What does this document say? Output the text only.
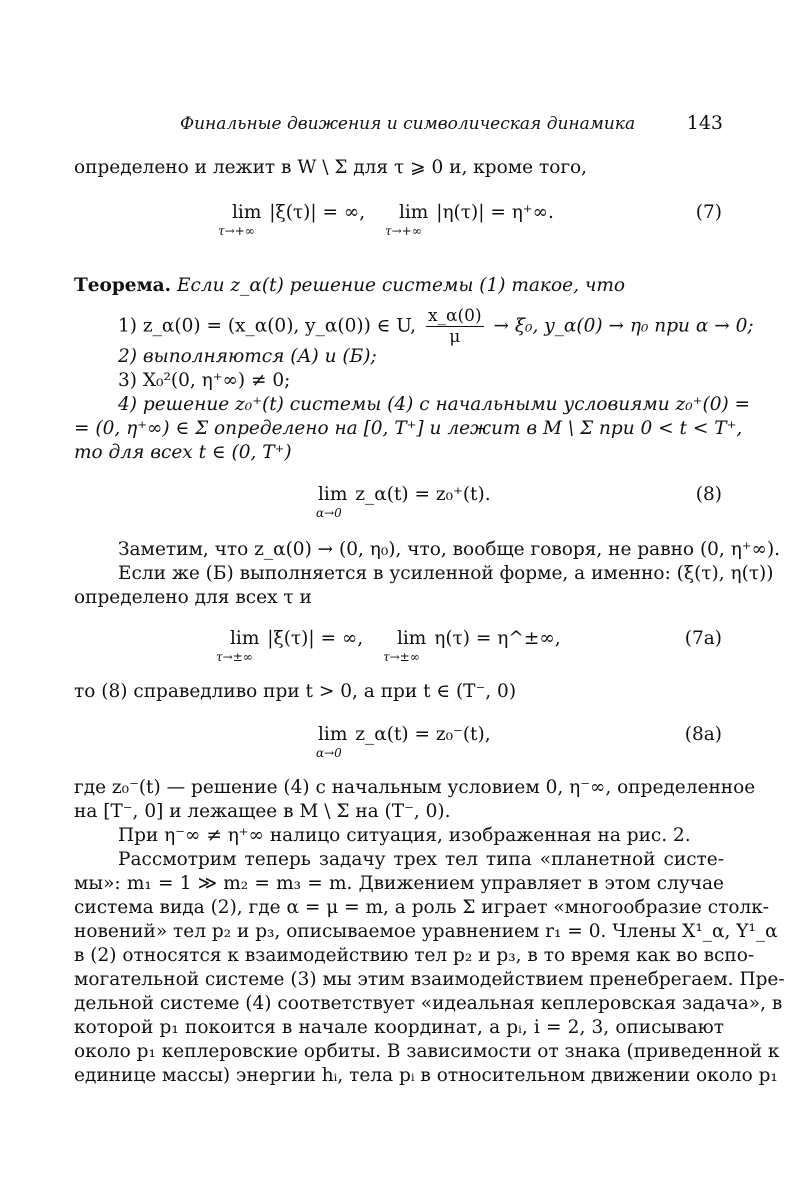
Финальные движения и символическая динамика	143
определено и лежит в W \ Σ для τ ⩾ 0 и, кроме того,
lim
τ→+∞
|ξ(τ)| = ∞, lim
τ→+∞
|η(τ)| = η⁺∞.	(7)
Теорема. Если z_α(t) решение системы (1) такое, что
1) z_α(0) = (x_α(0), y_α(0)) ∈ U, $\frac{x\_\alpha(0)}{\mu} \to \xi_0$, y_α(0) → η₀ при α → 0;
2) выполняются (А) и (Б);
3) X₀²(0, η⁺∞) ≠ 0;
4) решение z₀⁺(t) системы (4) с начальными условиями z₀⁺(0) =
= (0, η⁺∞) ∈ Σ определено на [0, T⁺] и лежит в M \ Σ при 0 < t < T⁺,
то для всех t ∈ (0, T⁺)
lim
α→0
z_α(t) = z₀⁺(t).	(8)
Заметим, что z_α(0) → (0, η₀), что, вообще говоря, не равно (0, η⁺∞).
Если же (Б) выполняется в усиленной форме, а именно: (ξ(τ), η(τ))
определено для всех τ и
lim
τ→±∞
|ξ(τ)| = ∞, lim
τ→±∞
η(τ) = η^±∞,	(7a)
то (8) справедливо при t > 0, а при t ∈ (T⁻, 0)
lim
α→0
z_α(t) = z₀⁻(t),	(8a)
где z₀⁻(t) — решение (4) с начальным условием 0, η⁻∞, определенное
на [T⁻, 0] и лежащее в M \ Σ на (T⁻, 0).
При η⁻∞ ≠ η⁺∞ налицо ситуация, изображенная на рис. 2.
Рассмотрим теперь задачу трех тел типа «планетной систе-
мы»: m₁ = 1 ≫ m₂ = m₃ = m. Движением управляет в этом случае
система вида (2), где α = μ = m, а роль Σ играет «многообразие столк-
новений» тел p₂ и p₃, описываемое уравнением r₁ = 0. Члены X¹_α, Y¹_α
в (2) относятся к взаимодействию тел p₂ и p₃, в то время как во вспо-
могательной системе (3) мы этим взаимодействием пренебрегаем. Пре-
дельной системе (4) соответствует «идеальная кеплеровская задача», в
которой p₁ покоится в начале координат, а pᵢ, i = 2, 3, описывают
около p₁ кеплеровские орбиты. В зависимости от знака (приведенной к
единице массы) энергии hᵢ, тела pᵢ в относительном движении около p₁
